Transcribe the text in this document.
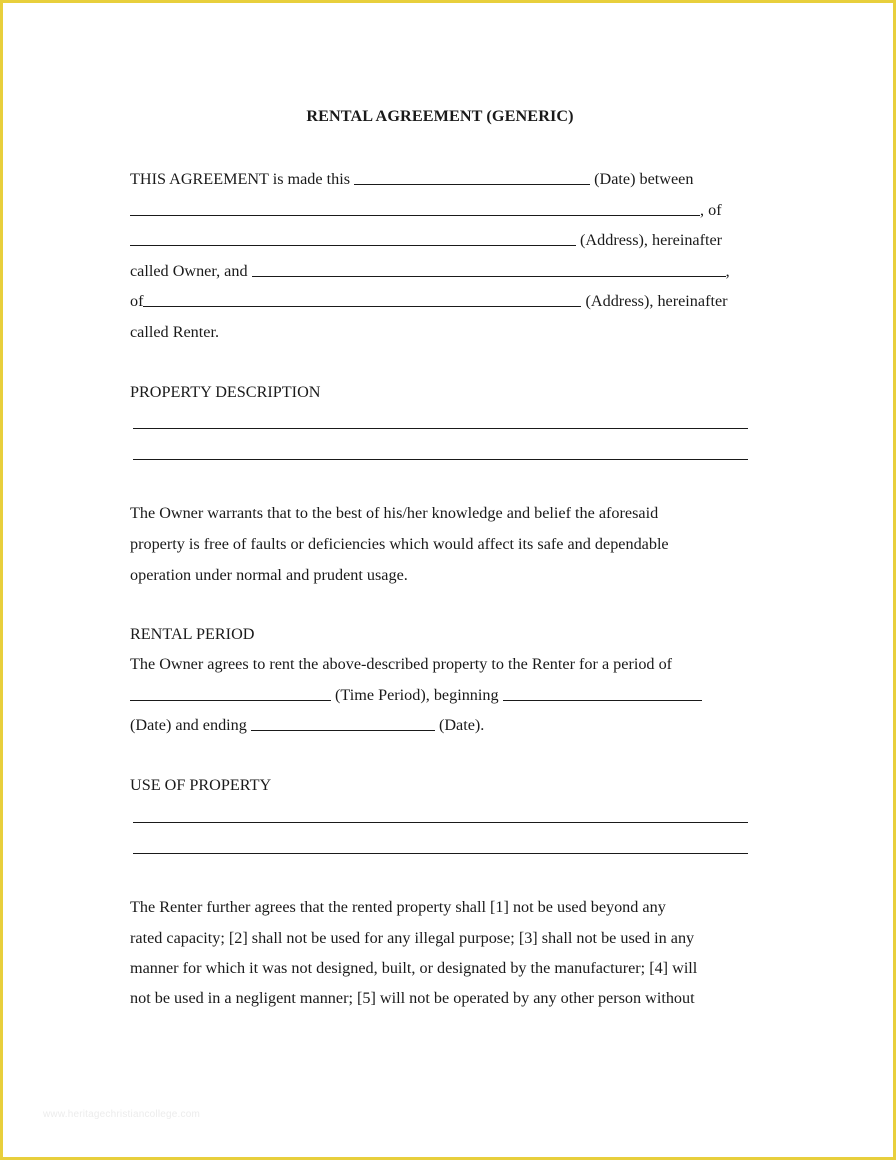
RENTAL AGREEMENT (GENERIC)
THIS AGREEMENT is made this	(Date) between
, of
(Address), hereinafter
called Owner, and	,
of	(Address), hereinafter
called Renter.
PROPERTY DESCRIPTION
The Owner warrants that to the best of his/her knowledge and belief the aforesaid
property is free of faults or deficiencies which would affect its safe and dependable
operation under normal and prudent usage.
RENTAL PERIOD
The Owner agrees to rent the above-described property to the Renter for a period of
(Time Period), beginning
(Date) and ending	(Date).
USE OF PROPERTY
The Renter further agrees that the rented property shall [1] not be used beyond any
rated capacity; [2] shall not be used for any illegal purpose; [3] shall not be used in any
manner for which it was not designed, built, or designated by the manufacturer; [4] will
not be used in a negligent manner; [5] will not be operated by any other person without
www.heritagechristiancollege.com
